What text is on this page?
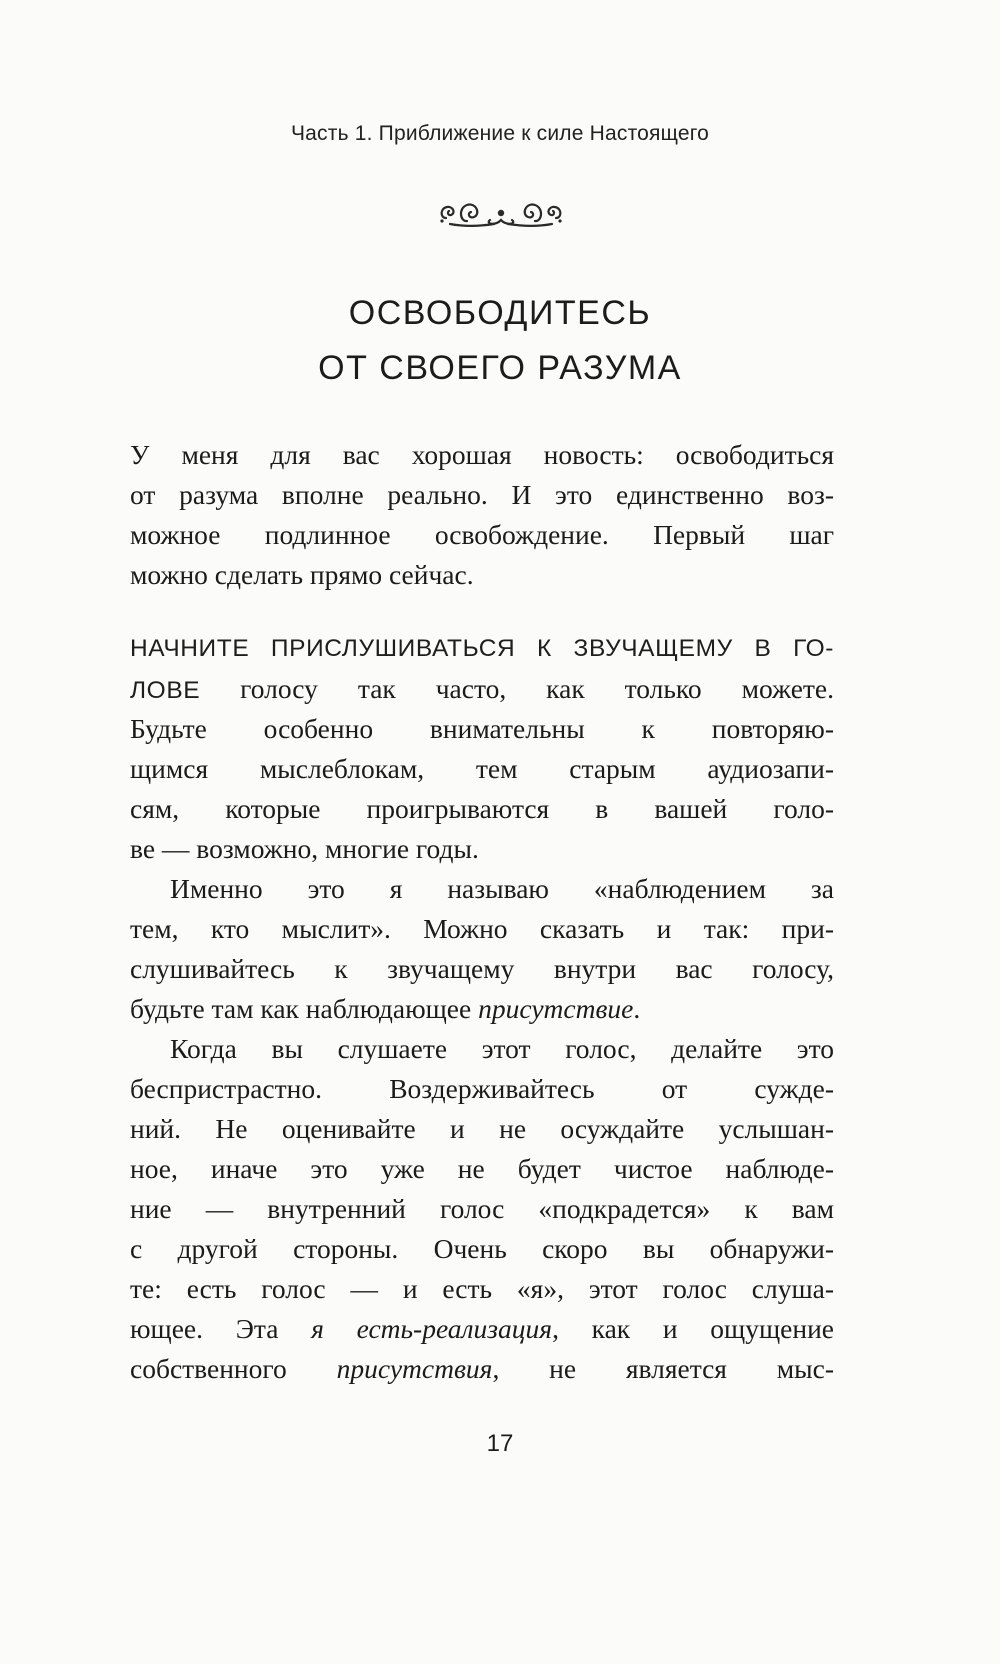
Часть 1. Приближение к силе Настоящего
ОСВОБОДИТЕСЬ
ОТ СВОЕГО РАЗУМА
У меня для вас хорошая новость: освободиться
от разума вполне реально. И это единственно воз-
можное подлинное освобождение. Первый шаг
можно сделать прямо сейчас.
НАЧНИТЕ ПРИСЛУШИВАТЬСЯ К ЗВУЧАЩЕМУ В ГО-
ЛОВЕ голосу так часто, как только можете.
Будьте особенно внимательны к повторяю-
щимся мыслеблокам, тем старым аудиозапи-
сям, которые проигрываются в вашей голо-
ве — возможно, многие годы.
Именно это я называю «наблюдением за
тем, кто мыслит». Можно сказать и так: при-
слушивайтесь к звучащему внутри вас голосу,
будьте там как наблюдающее присутствие.
Когда вы слушаете этот голос, делайте это
беспристрастно. Воздерживайтесь от сужде-
ний. Не оценивайте и не осуждайте услышан-
ное, иначе это уже не будет чистое наблюде-
ние — внутренний голос «подкрадется» к вам
с другой стороны. Очень скоро вы обнаружи-
те: есть голос — и есть «я», этот голос слуша-
ющее. Эта я есть-реализация, как и ощущение
собственного присутствия, не является мыс-
17
